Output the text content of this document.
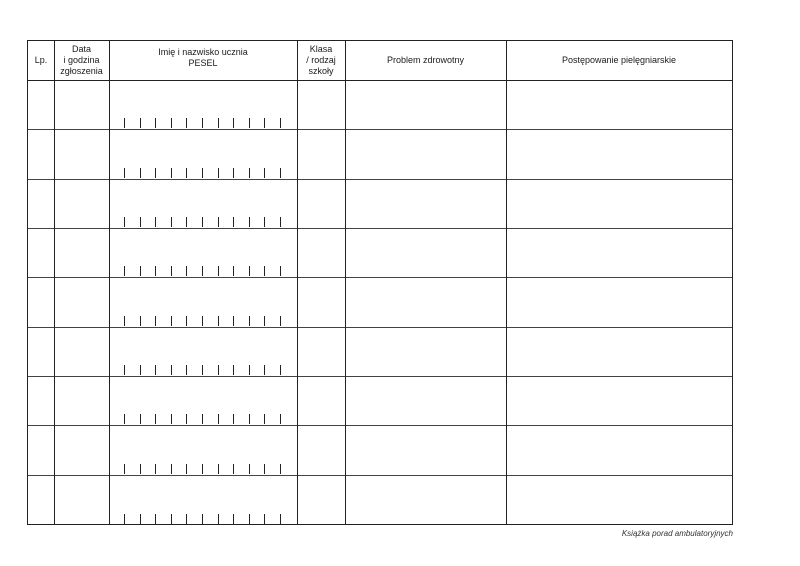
Lp.
Data
i godzina
zgłoszenia
Imię i nazwisko ucznia
PESEL
Klasa
/ rodzaj
szkoły
Problem zdrowotny	Postępowanie pielęgniarskie
Książka porad ambulatoryjnych
